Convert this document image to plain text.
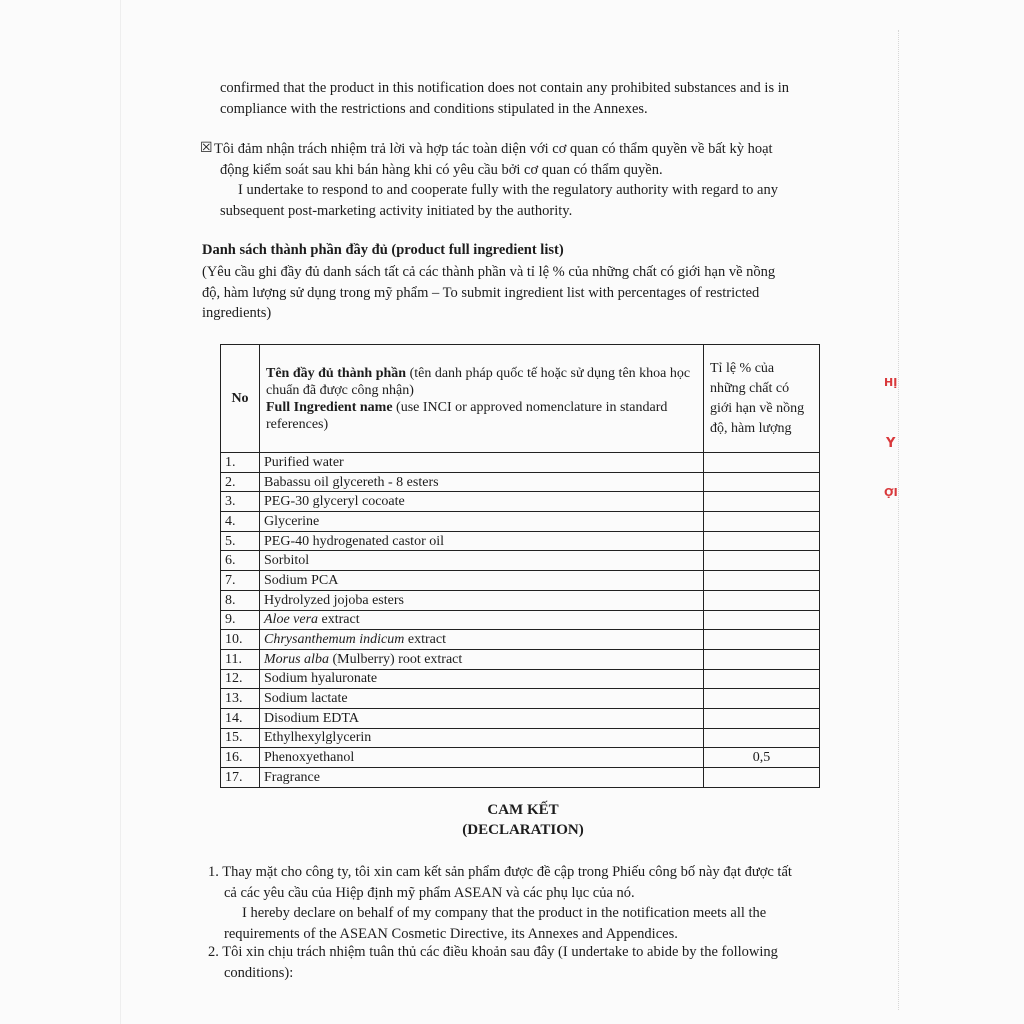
confirmed that the product in this notification does not contain any prohibited substances and is in
compliance with the restrictions and conditions stipulated in the Annexes.
☒ Tôi đảm nhận trách nhiệm trả lời và hợp tác toàn diện với cơ quan có thẩm quyền về bất kỳ hoạt
động kiểm soát sau khi bán hàng khi có yêu cầu bởi cơ quan có thẩm quyền.
I undertake to respond to and cooperate fully with the regulatory authority with regard to any
subsequent post-marketing activity initiated by the authority.
Danh sách thành phần đầy đủ (product full ingredient list)
(Yêu cầu ghi đầy đủ danh sách tất cả các thành phần và tỉ lệ % của những chất có giới hạn về nồng
độ, hàm lượng sử dụng trong mỹ phẩm – To submit ingredient list with percentages of restricted
ingredients)
No	Tên đầy đủ thành phần (tên danh pháp quốc tế hoặc sử dụng tên khoa học chuẩn đã được công nhận)
Full Ingredient name (use INCI or approved nomenclature in standard references)	Tỉ lệ % của những chất có giới hạn về nồng độ, hàm lượng
1.	Purified water	
2.	Babassu oil glycereth - 8 esters	
3.	PEG-30 glyceryl cocoate	
4.	Glycerine	
5.	PEG-40 hydrogenated castor oil	
6.	Sorbitol	
7.	Sodium PCA	
8.	Hydrolyzed jojoba esters	
9.	Aloe vera extract	
10.	Chrysanthemum indicum extract	
11.	Morus alba (Mulberry) root extract	
12.	Sodium hyaluronate	
13.	Sodium lactate	
14.	Disodium EDTA	
15.	Ethylhexylglycerin	
16.	Phenoxyethanol	0,5
17.	Fragrance	
CAM KẾT
(DECLARATION)
1. Thay mặt cho công ty, tôi xin cam kết sản phẩm được đề cập trong Phiếu công bố này đạt được tất
cả các yêu cầu của Hiệp định mỹ phẩm ASEAN và các phụ lục của nó.
I hereby declare on behalf of my company that the product in the notification meets all the
requirements of the ASEAN Cosmetic Directive, its Annexes and Appendices.
2. Tôi xin chịu trách nhiệm tuân thủ các điều khoản sau đây (I undertake to abide by the following
conditions):
HỊ
Y
ỢI
